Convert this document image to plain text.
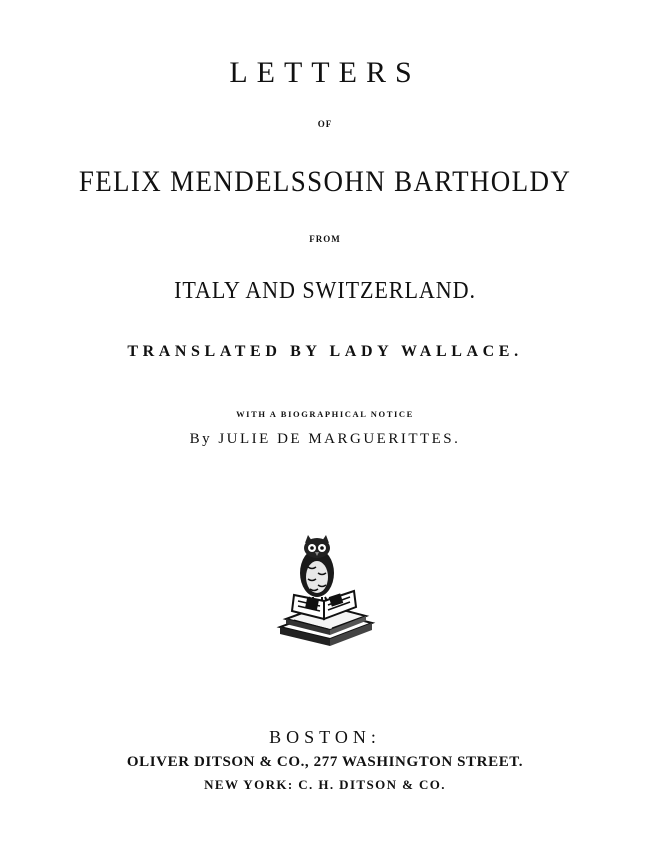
LETTERS
OF
FELIX MENDELSSOHN BARTHOLDY
FROM
ITALY AND SWITZERLAND.
TRANSLATED BY LADY WALLACE.
WITH A BIOGRAPHICAL NOTICE
By JULIE DE MARGUERITTES.
BOSTON:
OLIVER DITSON & CO., 277 WASHINGTON STREET.
NEW YORK: C. H. DITSON & CO.
